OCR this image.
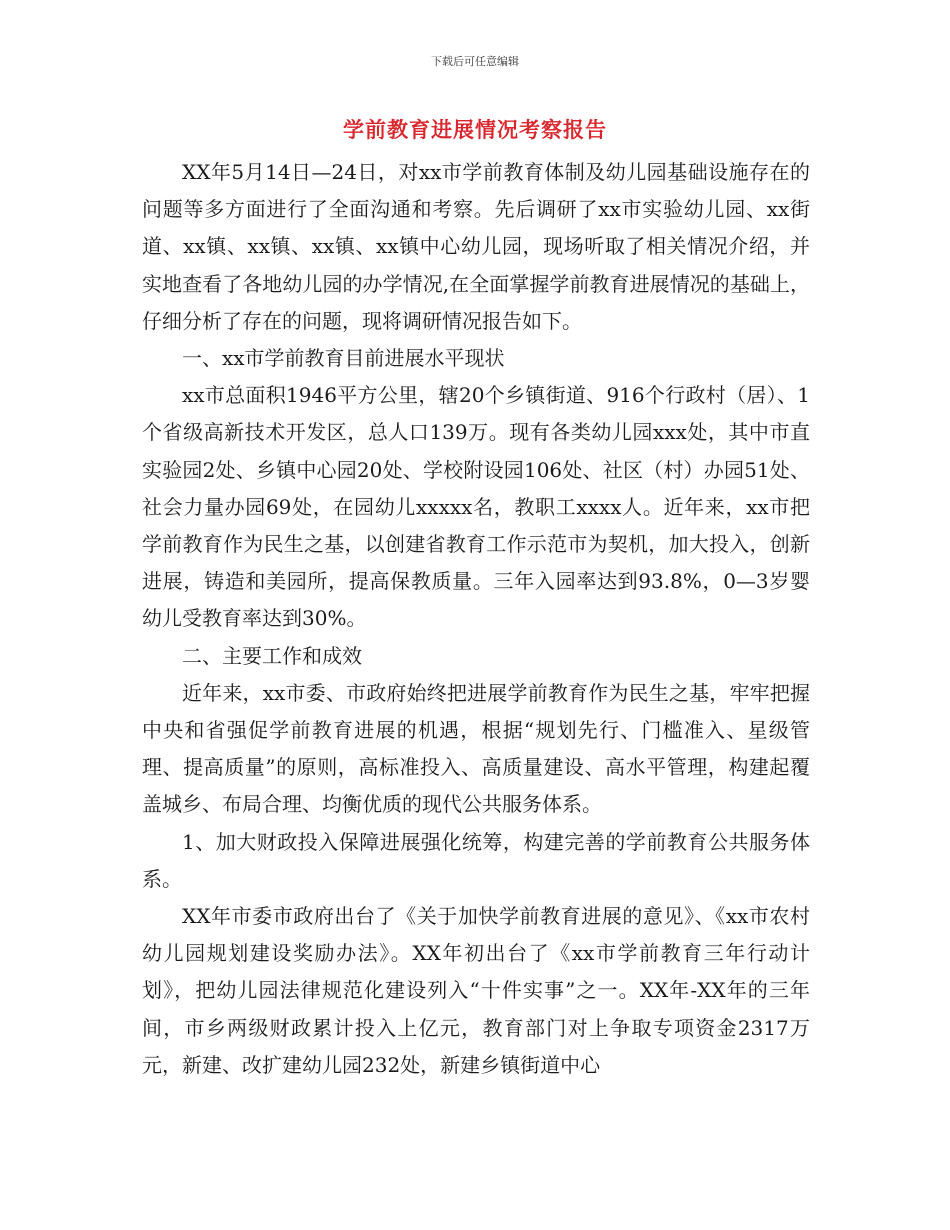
下载后可任意编辑
学前教育进展情况考察报告

XX年5月14日—24日，对xx市学前教育体制及幼儿园基础设施存在的问题等多方面进行了全面沟通和考察。先后调研了xx市实验幼儿园、xx街道、xx镇、xx镇、xx镇、xx镇中心幼儿园，现场听取了相关情况介绍，并实地查看了各地幼儿园的办学情况,在全面掌握学前教育进展情况的基础上，仔细分析了存在的问题，现将调研情况报告如下。

一、xx市学前教育目前进展水平现状

xx市总面积1946平方公里，辖20个乡镇街道、916个行政村（居）、1个省级高新技术开发区，总人口139万。现有各类幼儿园xxx处，其中市直实验园2处、乡镇中心园20处、学校附设园106处、社区（村）办园51处、社会力量办园69处，在园幼儿xxxxx名，教职工xxxx人。近年来，xx市把学前教育作为民生之基，以创建省教育工作示范市为契机，加大投入，创新进展，铸造和美园所，提高保教质量。三年入园率达到93.8%，0—3岁婴幼儿受教育率达到30%。

二、主要工作和成效

近年来，xx市委、市政府始终把进展学前教育作为民生之基，牢牢把握中央和省强促学前教育进展的机遇，根据“规划先行、门槛准入、星级管理、提高质量”的原则，高标准投入、高质量建设、高水平管理，构建起覆盖城乡、布局合理、均衡优质的现代公共服务体系。

1、加大财政投入保障进展强化统筹，构建完善的学前教育公共服务体系。

XX年市委市政府出台了《关于加快学前教育进展的意见》、《xx市农村幼儿园规划建设奖励办法》。XX年初出台了《xx市学前教育三年行动计划》，把幼儿园法律规范化建设列入“十件实事”之一。XX年-XX年的三年间，市乡两级财政累计投入上亿元，教育部门对上争取专项资金2317万元，新建、改扩建幼儿园232处，新建乡镇街道中心
